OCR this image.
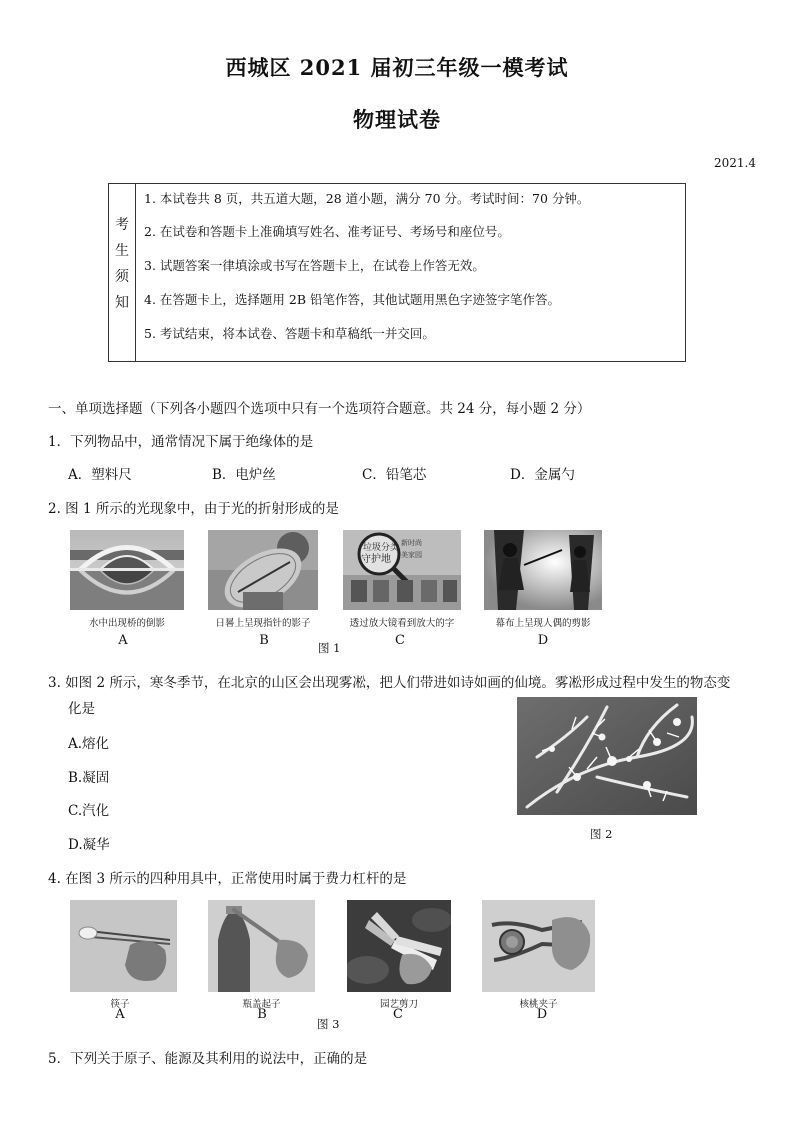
西城区 2021 届初三年级一模考试
物理试卷
2021.4
考
生
须
知
1. 本试卷共 8 页，共五道大题，28 道小题，满分 70 分。考试时间：70 分钟。
2. 在试卷和答题卡上准确填写姓名、准考证号、考场号和座位号。
3. 试题答案一律填涂或书写在答题卡上，在试卷上作答无效。
4. 在答题卡上，选择题用 2B 铅笔作答，其他试题用黑色字迹签字笔作答。
5. 考试结束，将本试卷、答题卡和草稿纸一并交回。
一、单项选择题（下列各小题四个选项中只有一个选项符合题意。共 24 分，每小题 2 分）
1．下列物品中，通常情况下属于绝缘体的是
A．塑料尺	B．电炉丝	C．铅笔芯	D．金属勺
2. 图 1 所示的光现象中，由于光的折射形成的是
新时尚
美家园
垃圾分类
守护地
水中出现桥的倒影	日晷上呈现指针的影子	透过放大镜看到放大的字	幕布上呈现人偶的剪影
A	B	C	D
图 1
3. 如图 2 所示，寒冬季节，在北京的山区会出现雾凇，把人们带进如诗如画的仙境。雾凇形成过程中发生的物态变
化是
A.熔化
B.凝固
C.汽化
D.凝华
图 2
4. 在图 3 所示的四种用具中，正常使用时属于费力杠杆的是
筷子	瓶盖起子	园艺剪刀	核桃夹子
A	B	C	D
图 3
5．下列关于原子、能源及其利用的说法中，正确的是
